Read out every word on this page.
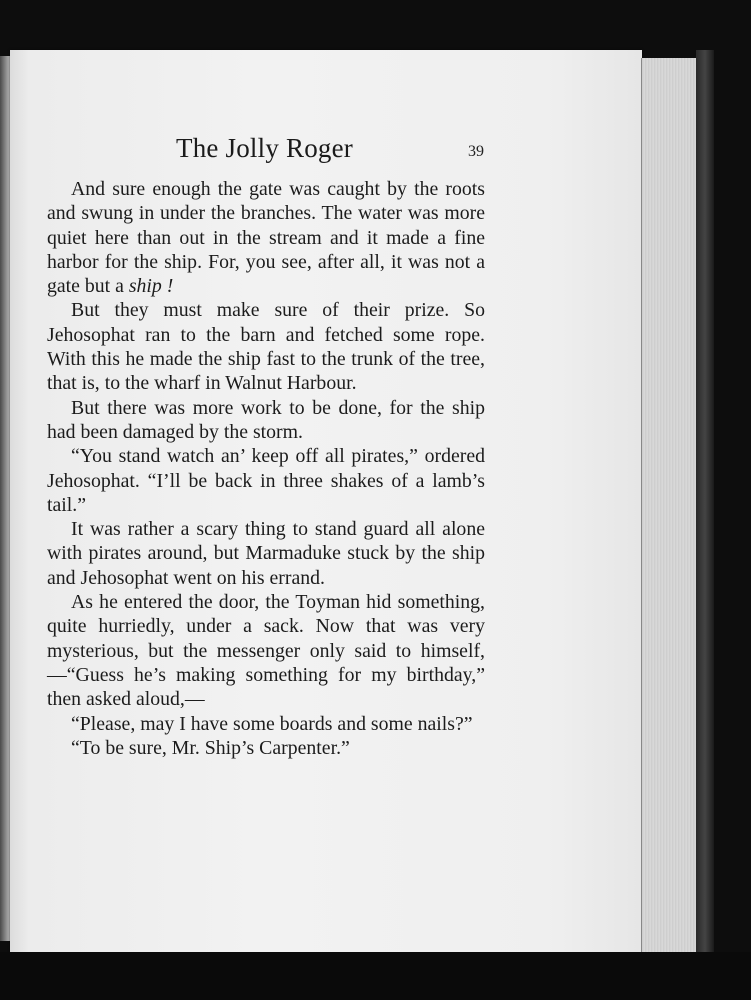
The Jolly Roger	39

And sure enough the gate was caught by the roots and swung in under the branches. The water was more quiet here than out in the stream and it made a fine harbor for the ship. For, you see, after all, it was not a gate but a ship !

But they must make sure of their prize. So Jehosophat ran to the barn and fetched some rope. With this he made the ship fast to the trunk of the tree, that is, to the wharf in Walnut Harbour.

But there was more work to be done, for the ship had been damaged by the storm.

“You stand watch an’ keep off all pirates,” ordered Jehosophat. “I’ll be back in three shakes of a lamb’s tail.”

It was rather a scary thing to stand guard all alone with pirates around, but Marmaduke stuck by the ship and Jehosophat went on his errand.

As he entered the door, the Toyman hid something, quite hurriedly, under a sack. Now that was very mysterious, but the messenger only said to himself,—“Guess he’s making something for my birthday,” then asked aloud,—

“Please, may I have some boards and some nails?”

“To be sure, Mr. Ship’s Carpenter.”
